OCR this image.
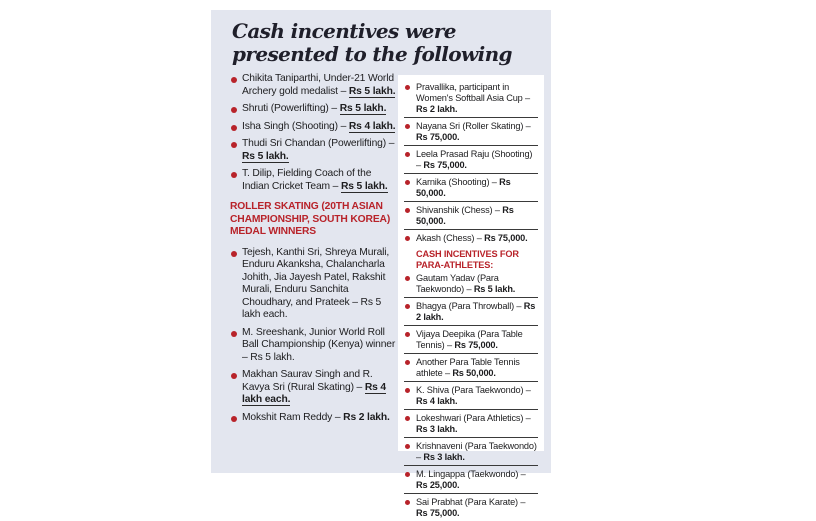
Cash incentives were presented to the following
Chikita Taniparthi, Under-21 World Archery gold medalist – Rs 5 lakh.
Shruti (Powerlifting) – Rs 5 lakh.
Isha Singh (Shooting) – Rs 4 lakh.
Thudi Sri Chandan (Powerlifting) – Rs 5 lakh.
T. Dilip, Fielding Coach of the Indian Cricket Team – Rs 5 lakh.
ROLLER SKATING (20TH ASIAN CHAMPIONSHIP, SOUTH KOREA) MEDAL WINNERS
Tejesh, Kanthi Sri, Shreya Murali, Enduru Akanksha, Chalancharla Johith, Jia Jayesh Patel, Rakshit Murali, Enduru Sanchita Choudhary, and Prateek – Rs 5 lakh each.
M. Sreeshank, Junior World Roll Ball Championship (Kenya) winner – Rs 5 lakh.
Makhan Saurav Singh and R. Kavya Sri (Rural Skating) – Rs 4 lakh each.
Mokshit Ram Reddy – Rs 2 lakh.
Pravallika, participant in Women's Softball Asia Cup – Rs 2 lakh.
Nayana Sri (Roller Skating) – Rs 75,000.
Leela Prasad Raju (Shooting) – Rs 75,000.
Karnika (Shooting) – Rs 50,000.
Shivanshik (Chess) – Rs 50,000.
Akash (Chess) – Rs 75,000.
CASH INCENTIVES FOR PARA-ATHLETES:
Gautam Yadav (Para Taekwondo) – Rs 5 lakh.
Bhagya (Para Throwball) – Rs 2 lakh.
Vijaya Deepika (Para Table Tennis) – Rs 75,000.
Another Para Table Tennis athlete – Rs 50,000.
K. Shiva (Para Taekwondo) – Rs 4 lakh.
Lokeshwari (Para Athletics) – Rs 3 lakh.
Krishnaveni (Para Taekwondo) – Rs 3 lakh.
M. Lingappa (Taekwondo) – Rs 25,000.
Sai Prabhat (Para Karate) – Rs 75,000.
